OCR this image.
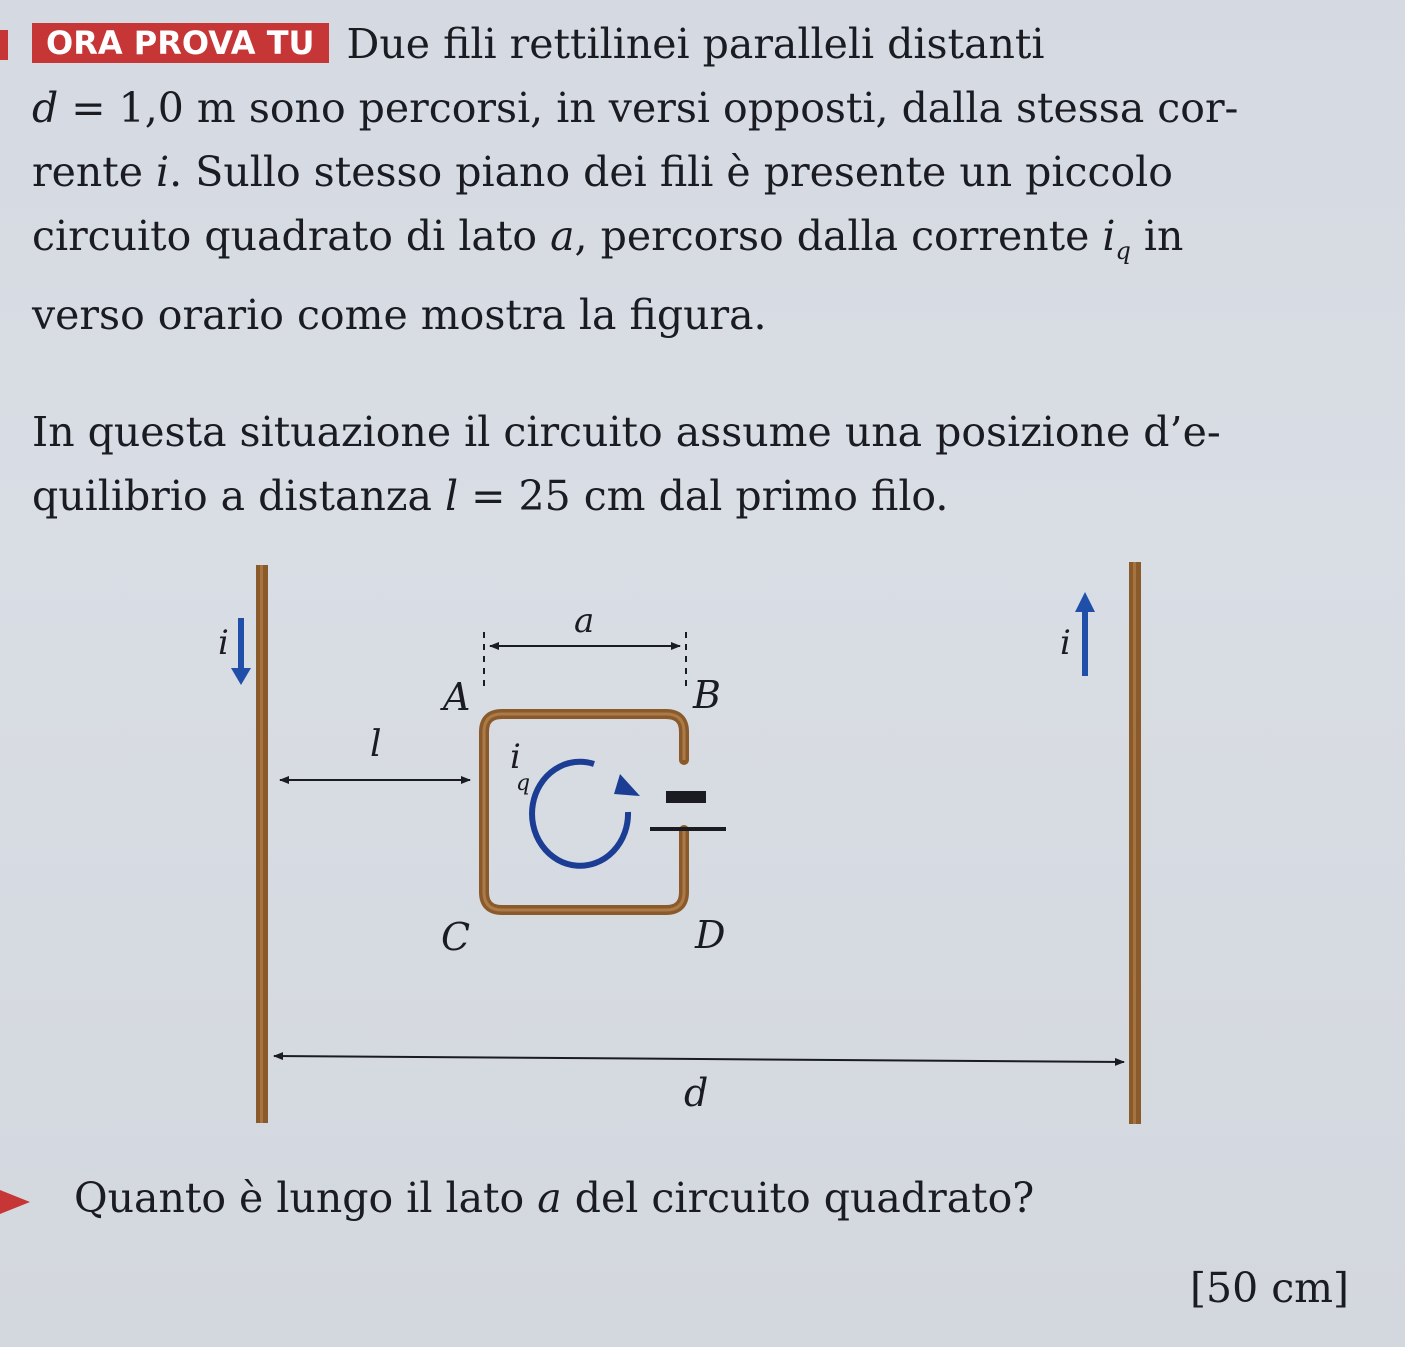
ORA PROVA TU Due fili rettilinei paralleli distanti
d = 1,0 m sono percorsi, in versi opposti, dalla stessa cor-
rente i. Sullo stesso piano dei fili è presente un piccolo
circuito quadrato di lato a, percorso dalla corrente $i_q$ in
verso orario come mostra la figura.

In questa situazione il circuito assume una posizione d’e-
quilibrio a distanza l = 25 cm dal primo filo.

i	i
a
A	B
C	D
i
q
l
d

Quanto è lungo il lato a del circuito quadrato?

[50 cm]
